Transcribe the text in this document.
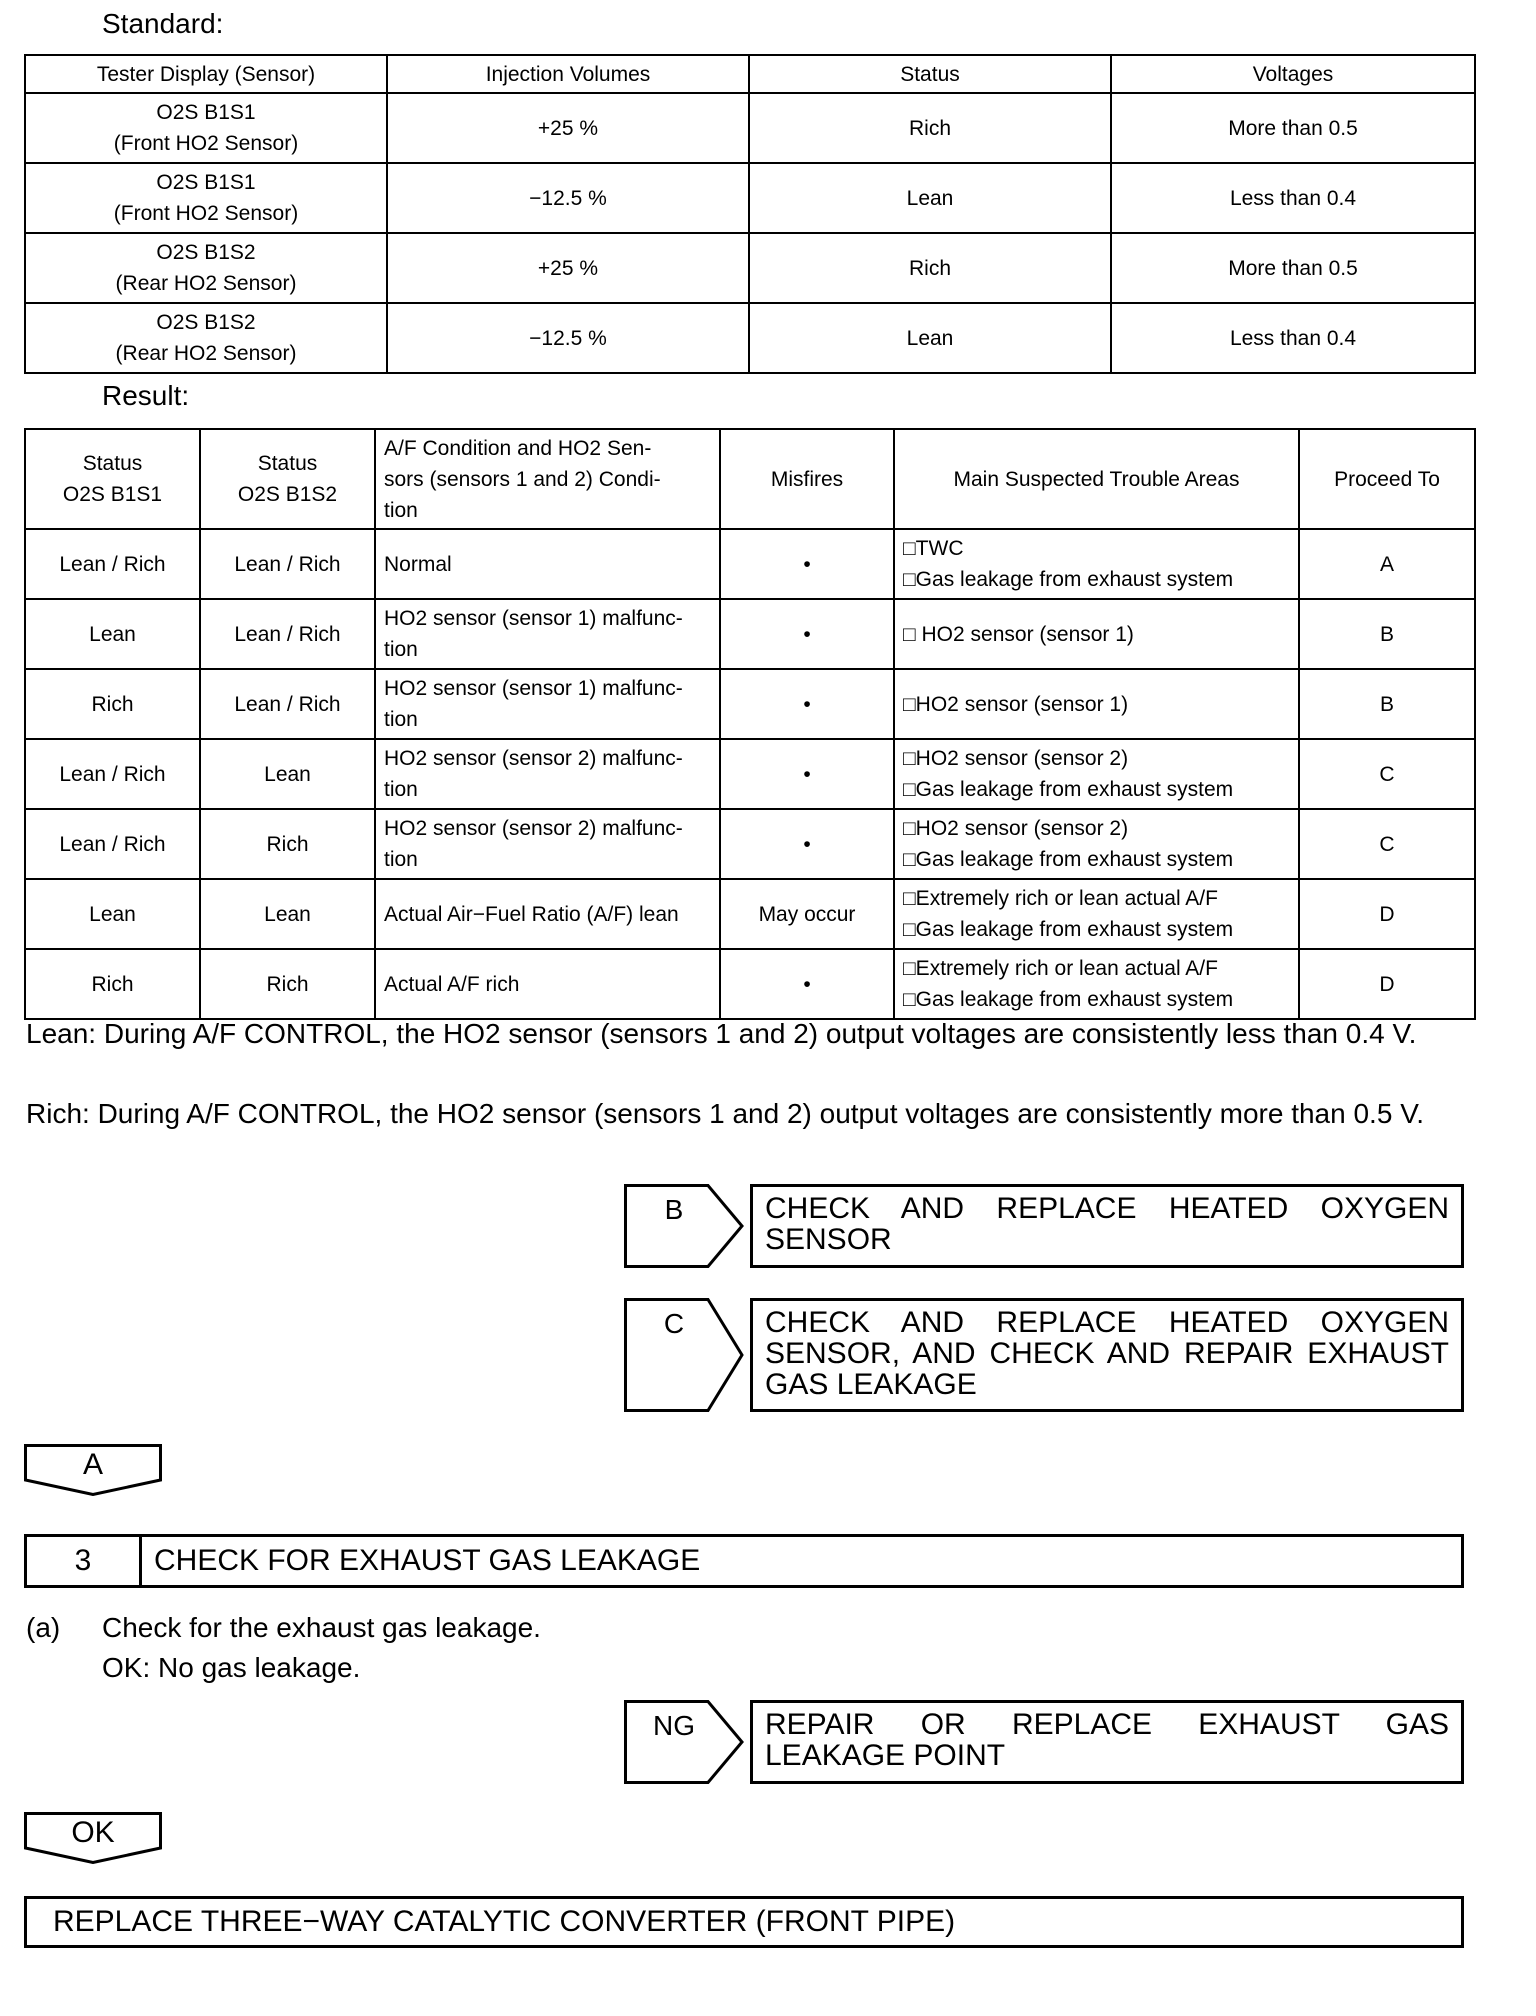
Standard:
Tester Display (Sensor)	Injection Volumes	Status	Voltages

O2S B1S1
(Front HO2 Sensor)	+25 %	Rich	More than 0.5

O2S B1S1
(Front HO2 Sensor)	−12.5 %	Lean	Less than 0.4

O2S B1S2
(Rear HO2 Sensor)	+25 %	Rich	More than 0.5

O2S B1S2
(Rear HO2 Sensor)	−12.5 %	Lean	Less than 0.4
Result:
Status
O2S B1S1	Status
O2S B1S2	A/F Condition and HO2 Sen-
sors (sensors 1 and 2) Condi-
tion	Misfires	Main Suspected Trouble Areas	Proceed To
Lean / Rich	Lean / Rich	Normal	•	□TWC
□Gas leakage from exhaust system	A
Lean	Lean / Rich	HO2 sensor (sensor 1) malfunc-
tion	•	□ HO2 sensor (sensor 1)	B
Rich	Lean / Rich	HO2 sensor (sensor 1) malfunc-
tion	•	□HO2 sensor (sensor 1)	B
Lean / Rich	Lean	HO2 sensor (sensor 2) malfunc-
tion	•	□HO2 sensor (sensor 2)
□Gas leakage from exhaust system	C
Lean / Rich	Rich	HO2 sensor (sensor 2) malfunc-
tion	•	□HO2 sensor (sensor 2)
□Gas leakage from exhaust system	C
Lean	Lean	Actual Air−Fuel Ratio (A/F) lean	May occur	□Extremely rich or lean actual A/F
□Gas leakage from exhaust system	D
Rich	Rich	Actual A/F rich	•	□Extremely rich or lean actual A/F
□Gas leakage from exhaust system	D
Lean: During A/F CONTROL, the HO2 sensor (sensors 1 and 2) output voltages are consistently less than 0.4 V.
Rich: During A/F CONTROL, the HO2 sensor (sensors 1 and 2) output voltages are consistently more than 0.5 V.
B	CHECK AND REPLACE HEATED OXYGEN
SENSOR
C	CHECK AND REPLACE HEATED OXYGEN
SENSOR, AND CHECK AND REPAIR EXHAUST
GAS LEAKAGE
A
3	CHECK FOR EXHAUST GAS LEAKAGE
(a) Check for the exhaust gas leakage.
OK: No gas leakage.
NG	REPAIR OR REPLACE EXHAUST GAS
LEAKAGE POINT
OK
REPLACE THREE−WAY CATALYTIC CONVERTER (FRONT PIPE)
